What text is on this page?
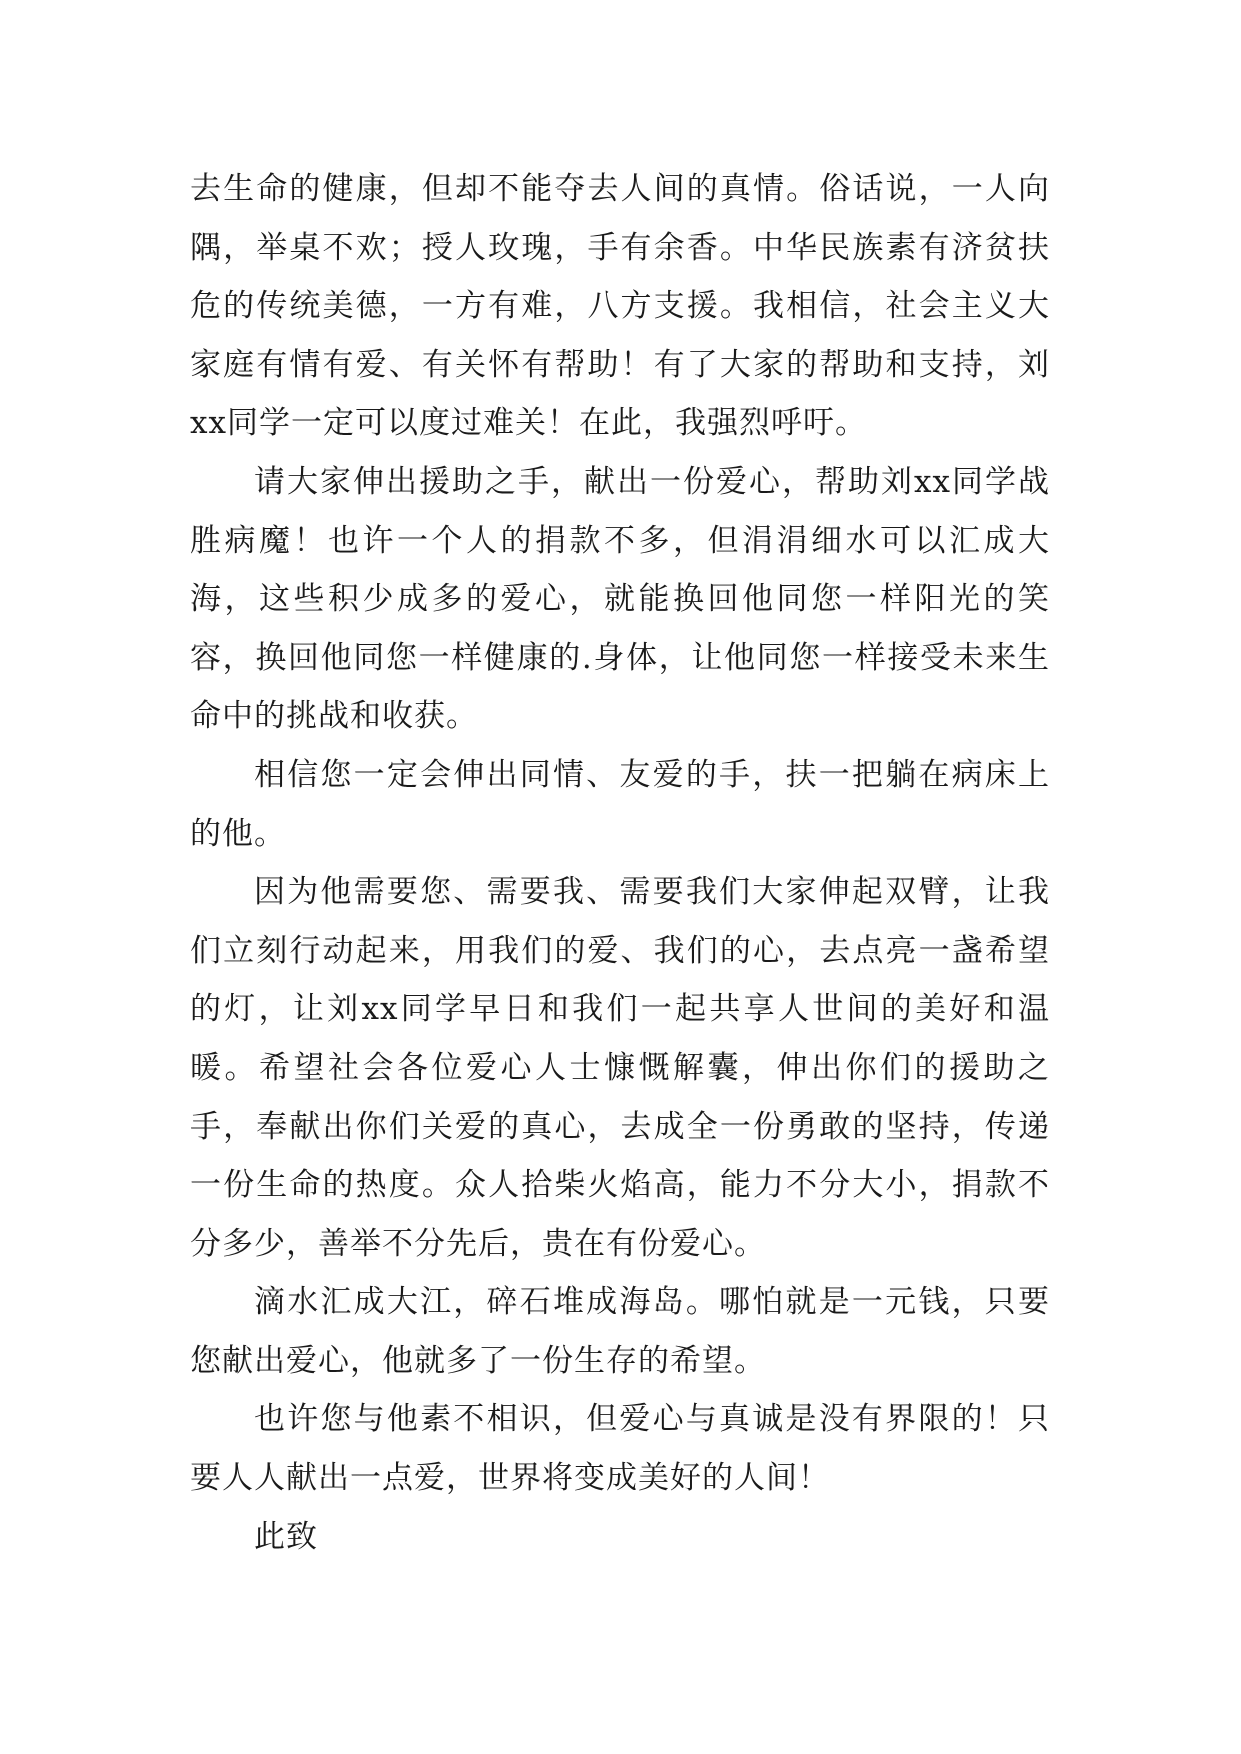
去生命的健康，但却不能夺去人间的真情。俗话说，一人向隅，举桌不欢；授人玫瑰，手有余香。中华民族素有济贫扶危的传统美德，一方有难，八方支援。我相信，社会主义大家庭有情有爱、有关怀有帮助！有了大家的帮助和支持，刘xx同学一定可以度过难关！在此，我强烈呼吁。

请大家伸出援助之手，献出一份爱心，帮助刘xx同学战胜病魔！也许一个人的捐款不多，但涓涓细水可以汇成大海，这些积少成多的爱心，就能换回他同您一样阳光的笑容，换回他同您一样健康的.身体，让他同您一样接受未来生命中的挑战和收获。

相信您一定会伸出同情、友爱的手，扶一把躺在病床上的他。

因为他需要您、需要我、需要我们大家伸起双臂，让我们立刻行动起来，用我们的爱、我们的心，去点亮一盏希望的灯，让刘xx同学早日和我们一起共享人世间的美好和温暖。希望社会各位爱心人士慷慨解囊，伸出你们的援助之手，奉献出你们关爱的真心，去成全一份勇敢的坚持，传递一份生命的热度。众人拾柴火焰高，能力不分大小，捐款不分多少，善举不分先后，贵在有份爱心。

滴水汇成大江，碎石堆成海岛。哪怕就是一元钱，只要您献出爱心，他就多了一份生存的希望。

也许您与他素不相识，但爱心与真诚是没有界限的！只要人人献出一点爱，世界将变成美好的人间！

此致
